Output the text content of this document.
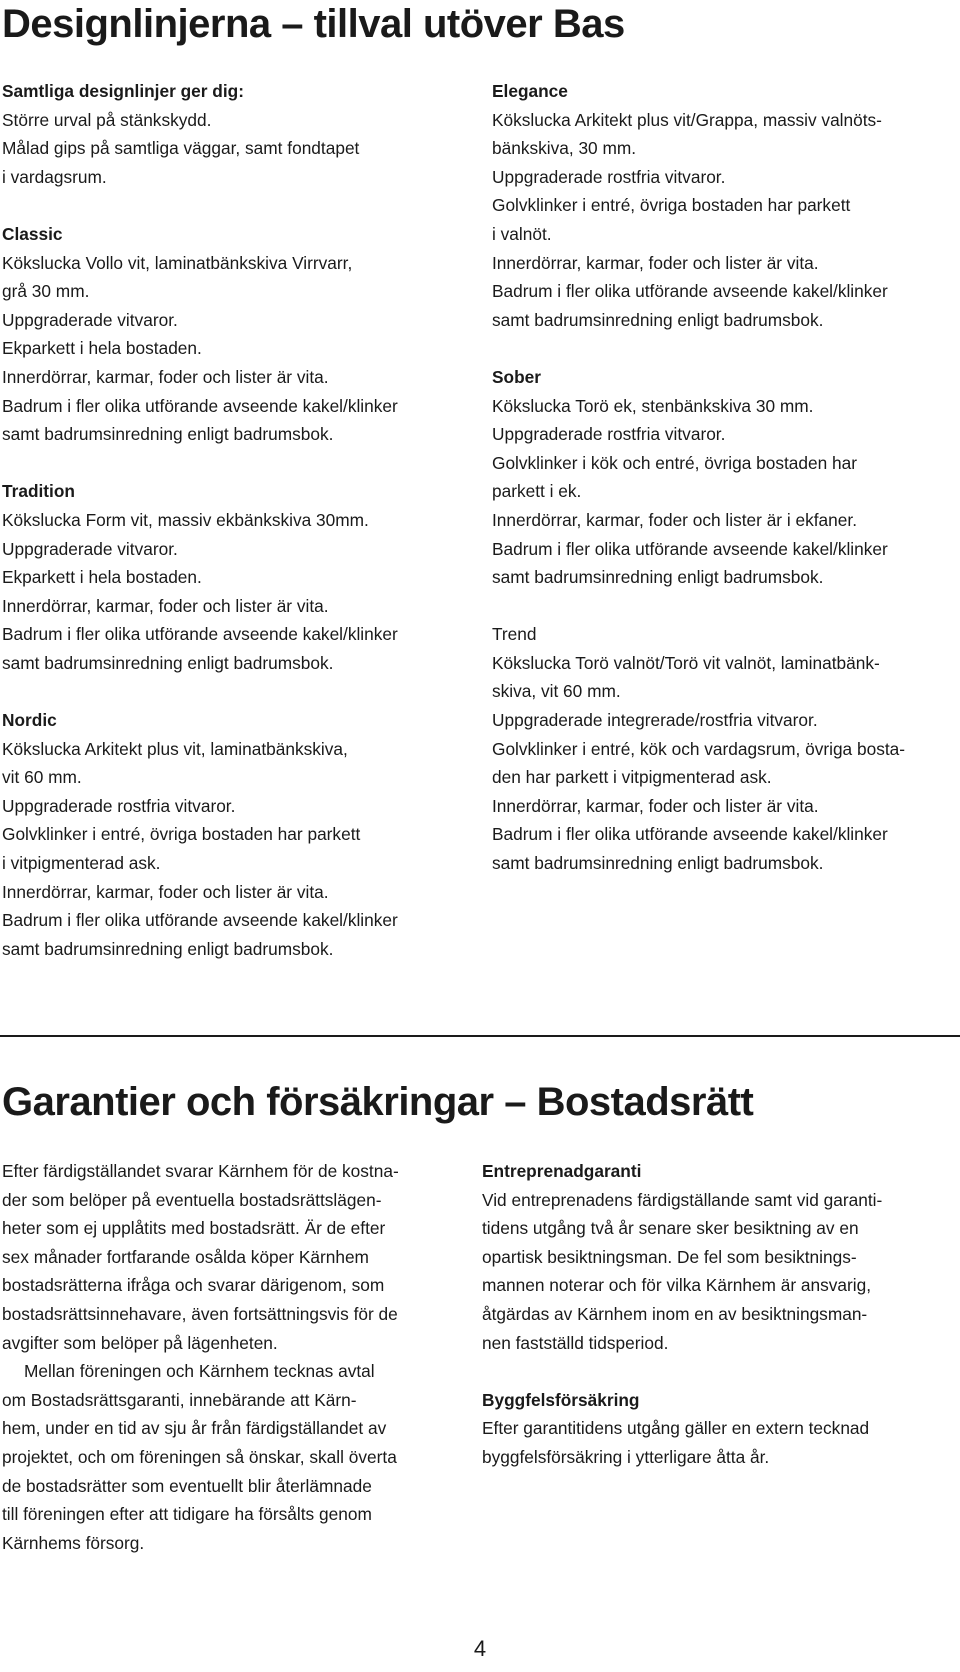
Designlinjerna – tillval utöver Bas

Samtliga designlinjer ger dig:

Större urval på stänkskydd.

Målad gips på samtliga väggar, samt fondtapet

i vardagsrum.

Classic

Kökslucka Vollo vit, laminatbänkskiva Virrvarr,

grå 30 mm.

Uppgraderade vitvaror.

Ekparkett i hela bostaden.

Innerdörrar, karmar, foder och lister är vita.

Badrum i fler olika utförande avseende kakel/klinker

samt badrumsinredning enligt badrumsbok.

Tradition

Kökslucka Form vit, massiv ekbänkskiva 30mm.

Uppgraderade vitvaror.

Ekparkett i hela bostaden.

Innerdörrar, karmar, foder och lister är vita.

Badrum i fler olika utförande avseende kakel/klinker

samt badrumsinredning enligt badrumsbok.

Nordic

Kökslucka Arkitekt plus vit, laminatbänkskiva,

vit 60 mm.

Uppgraderade rostfria vitvaror.

Golvklinker i entré, övriga bostaden har parkett

i vitpigmenterad ask.

Innerdörrar, karmar, foder och lister är vita.

Badrum i fler olika utförande avseende kakel/klinker

samt badrumsinredning enligt badrumsbok.

Elegance

Kökslucka Arkitekt plus vit/Grappa, massiv valnöts-

bänkskiva, 30 mm.

Uppgraderade rostfria vitvaror.

Golvklinker i entré, övriga bostaden har parkett

i valnöt.

Innerdörrar, karmar, foder och lister är vita.

Badrum i fler olika utförande avseende kakel/klinker

samt badrumsinredning enligt badrumsbok.

Sober

Kökslucka Torö ek, stenbänkskiva 30 mm.

Uppgraderade rostfria vitvaror.

Golvklinker i kök och entré, övriga bostaden har

parkett i ek.

Innerdörrar, karmar, foder och lister är i ekfaner.

Badrum i fler olika utförande avseende kakel/klinker

samt badrumsinredning enligt badrumsbok.

Trend

Kökslucka Torö valnöt/Torö vit valnöt, laminatbänk-

skiva, vit 60 mm.

Uppgraderade integrerade/rostfria vitvaror.

Golvklinker i entré, kök och vardagsrum, övriga bosta-

den har parkett i vitpigmenterad ask.

Innerdörrar, karmar, foder och lister är vita.

Badrum i fler olika utförande avseende kakel/klinker

samt badrumsinredning enligt badrumsbok.

Garantier och försäkringar – Bostadsrätt

Efter färdigställandet svarar Kärnhem för de kostna-

der som belöper på eventuella bostadsrättslägen-

heter som ej upplåtits med bostadsrätt. Är de efter

sex månader fortfarande osålda köper Kärnhem

bostadsrätterna ifråga och svarar därigenom, som

bostadsrättsinnehavare, även fortsättningsvis för de

avgifter som belöper på lägenheten.

Mellan föreningen och Kärnhem tecknas avtal

om Bostadsrättsgaranti, innebärande att Kärn-

hem, under en tid av sju år från färdigställandet av

projektet, och om föreningen så önskar, skall överta

de bostadsrätter som eventuellt blir återlämnade

till föreningen efter att tidigare ha försålts genom

Kärnhems försorg.

Entreprenadgaranti

Vid entreprenadens färdigställande samt vid garanti-

tidens utgång två år senare sker besiktning av en

opartisk besiktningsman. De fel som besiktnings-

mannen noterar och för vilka Kärnhem är ansvarig,

åtgärdas av Kärnhem inom en av besiktningsman-

nen fastställd tidsperiod.

Byggfelsförsäkring

Efter garantitidens utgång gäller en extern tecknad

byggfelsförsäkring i ytterligare åtta år.

4
